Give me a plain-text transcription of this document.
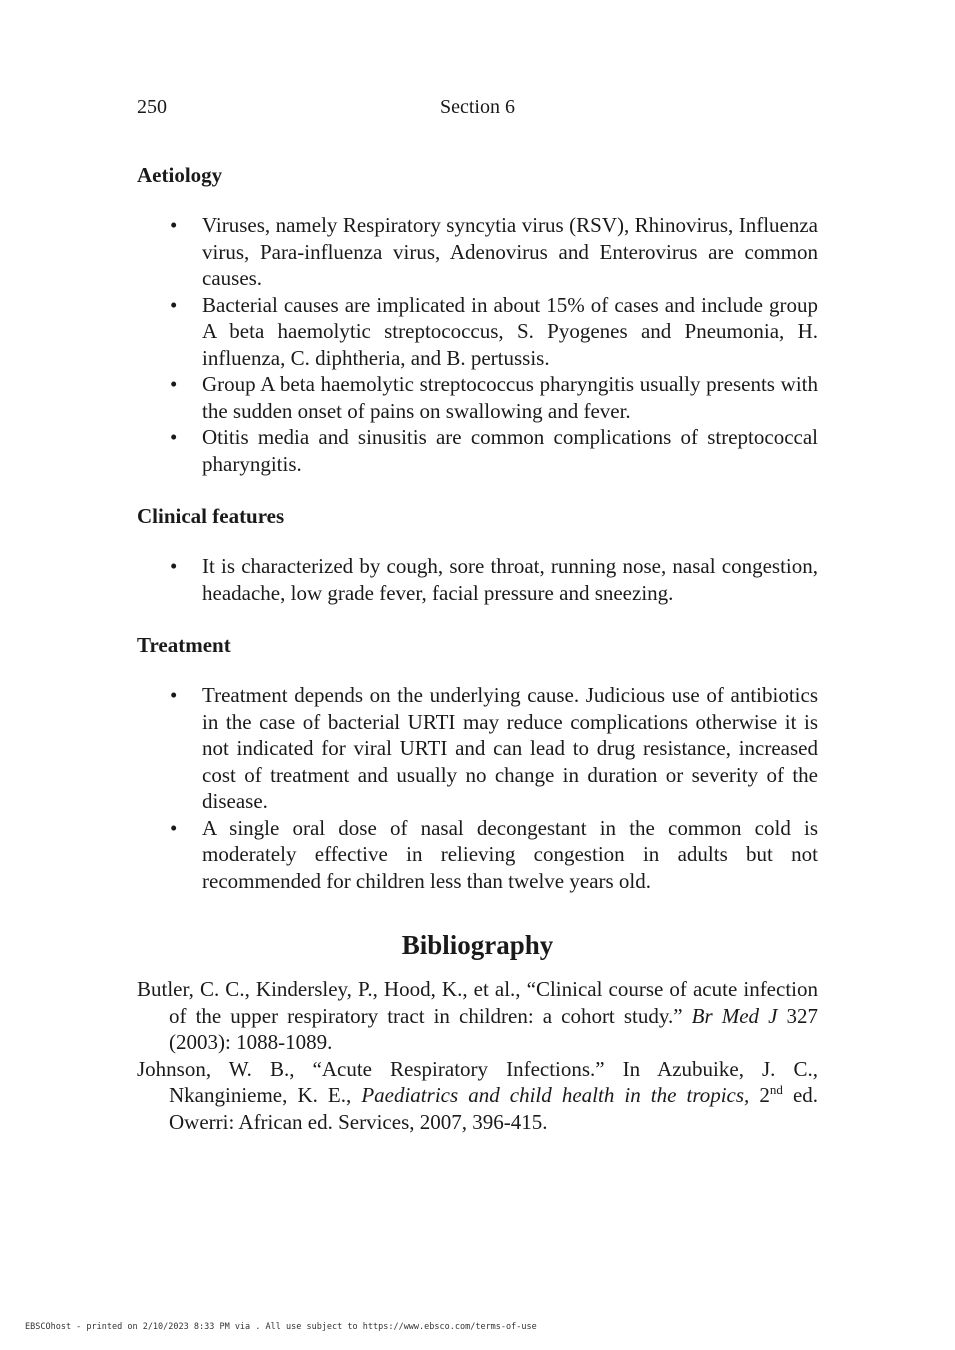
250	Section 6
Aetiology
• Viruses, namely Respiratory syncytia virus (RSV), Rhinovirus, Influenza virus, Para-influenza virus, Adenovirus and Enterovirus are common causes.
• Bacterial causes are implicated in about 15% of cases and include group A beta haemolytic streptococcus, S. Pyogenes and Pneumonia, H. influenza, C. diphtheria, and B. pertussis.
• Group A beta haemolytic streptococcus pharyngitis usually presents with the sudden onset of pains on swallowing and fever.
• Otitis media and sinusitis are common complications of streptococcal pharyngitis.
Clinical features
• It is characterized by cough, sore throat, running nose, nasal congestion, headache, low grade fever, facial pressure and sneezing.
Treatment
• Treatment depends on the underlying cause. Judicious use of antibiotics in the case of bacterial URTI may reduce complications otherwise it is not indicated for viral URTI and can lead to drug resistance, increased cost of treatment and usually no change in duration or severity of the disease.
• A single oral dose of nasal decongestant in the common cold is moderately effective in relieving congestion in adults but not recommended for children less than twelve years old.
Bibliography

Butler, C. C., Kindersley, P., Hood, K., et al., “Clinical course of acute infection of the upper respiratory tract in children: a cohort study.” Br Med J 327 (2003): 1088-1089.

Johnson, W. B., “Acute Respiratory Infections.” In Azubuike, J. C., Nkanginieme, K. E., Paediatrics and child health in the tropics, 2nd ed. Owerri: African ed. Services, 2007, 396-415.

EBSCOhost - printed on 2/10/2023 8:33 PM via . All use subject to https://www.ebsco.com/terms-of-use
